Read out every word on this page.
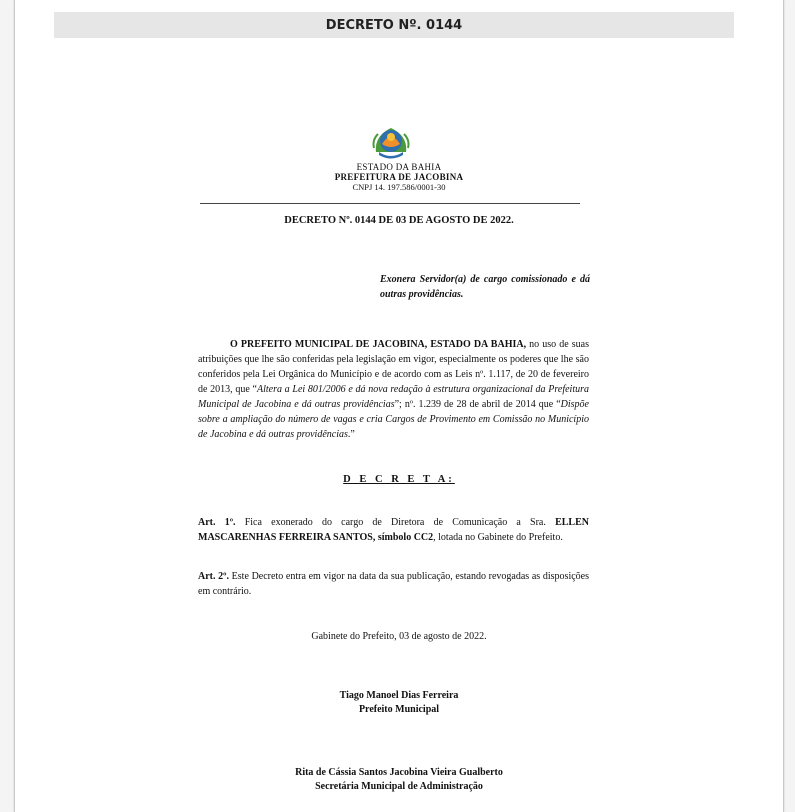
DECRETO Nº. 0144
ESTADO DA BAHIA
PREFEITURA DE JACOBINA
CNPJ 14. 197.586/0001-30
DECRETO Nº. 0144 DE 03 DE AGOSTO DE 2022.
Exonera Servidor(a) de cargo comissionado e dá outras providências.
O PREFEITO MUNICIPAL DE JACOBINA, ESTADO DA BAHIA, no uso de suas atribuições que lhe são conferidas pela legislação em vigor, especialmente os poderes que lhe são conferidos pela Lei Orgânica do Município e de acordo com as Leis nº. 1.117, de 20 de fevereiro de 2013, que “Altera a Lei 801/2006 e dá nova redação à estrutura organizacional da Prefeitura Municipal de Jacobina e dá outras providências”; nº. 1.239 de 28 de abril de 2014 que “Dispõe sobre a ampliação do número de vagas e cria Cargos de Provimento em Comissão no Município de Jacobina e dá outras providências.”
D E C R E T A:
Art. 1º. Fica exonerado do cargo de Diretora de Comunicação a Sra. ELLEN MASCARENHAS FERREIRA SANTOS, símbolo CC2, lotada no Gabinete do Prefeito.
Art. 2º. Este Decreto entra em vigor na data da sua publicação, estando revogadas as disposições em contrário.
Gabinete do Prefeito, 03 de agosto de 2022.
Tiago Manoel Dias Ferreira
Prefeito Municipal
Rita de Cássia Santos Jacobina Vieira Gualberto
Secretária Municipal de Administração
